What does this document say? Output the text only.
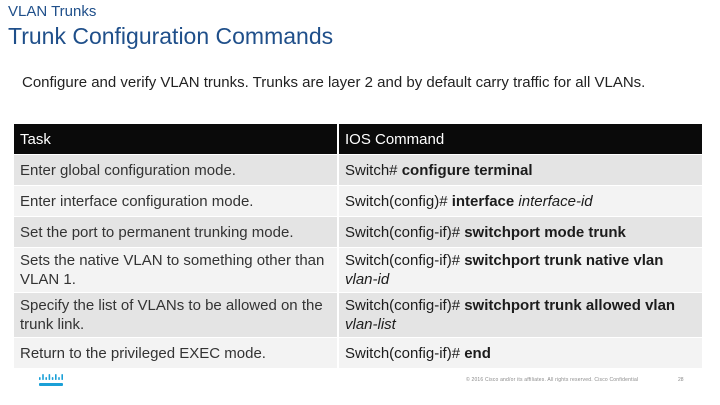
VLAN Trunks
Trunk Configuration Commands
Configure and verify VLAN trunks. Trunks are layer 2 and by default carry traffic for all VLANs.
Task	IOS Command
Enter global configuration mode.	Switch# configure terminal
Enter interface configuration mode.	Switch(config)# interface interface-id
Set the port to permanent trunking mode.	Switch(config-if)# switchport mode trunk
Sets the native VLAN to something other than VLAN 1.	Switch(config-if)# switchport trunk native vlan vlan-id
Specify the list of VLANs to be allowed on the trunk link.	Switch(config-if)# switchport trunk allowed vlan vlan-list
Return to the privileged EXEC mode.	Switch(config-if)# end
© 2016 Cisco and/or its affiliates. All rights reserved. Cisco Confidential	28
